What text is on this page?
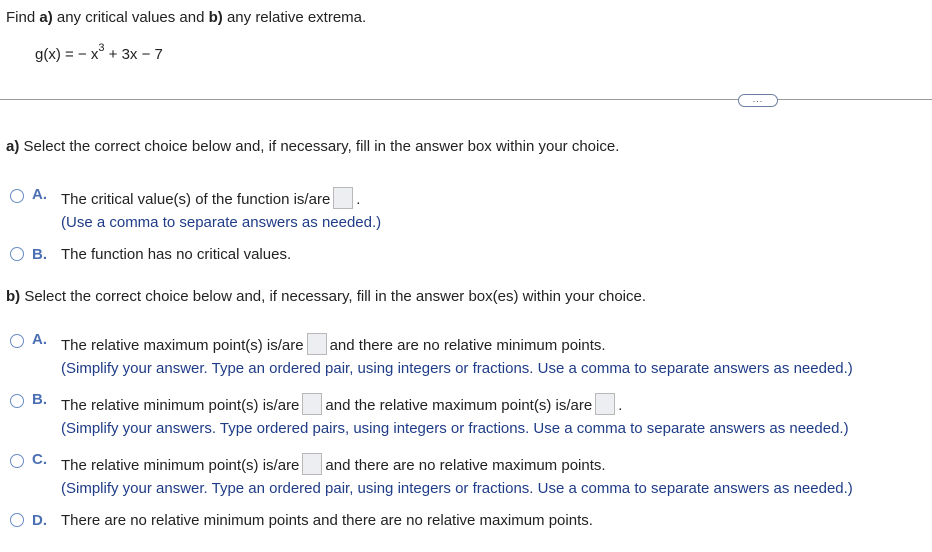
Find a) any critical values and b) any relative extrema.
g(x) = − $x^3 + 3x - 7$
...
a) Select the correct choice below and, if necessary, fill in the answer box within your choice.
A. The critical value(s) of the function is/are .
(Use a comma to separate answers as needed.)
B. The function has no critical values.
b) Select the correct choice below and, if necessary, fill in the answer box(es) within your choice.
A. The relative maximum point(s) is/are and there are no relative minimum points.
(Simplify your answer. Type an ordered pair, using integers or fractions. Use a comma to separate answers as needed.)
B. The relative minimum point(s) is/are and the relative maximum point(s) is/are .
(Simplify your answers. Type ordered pairs, using integers or fractions. Use a comma to separate answers as needed.)
C. The relative minimum point(s) is/are and there are no relative maximum points.
(Simplify your answer. Type an ordered pair, using integers or fractions. Use a comma to separate answers as needed.)
D. There are no relative minimum points and there are no relative maximum points.
